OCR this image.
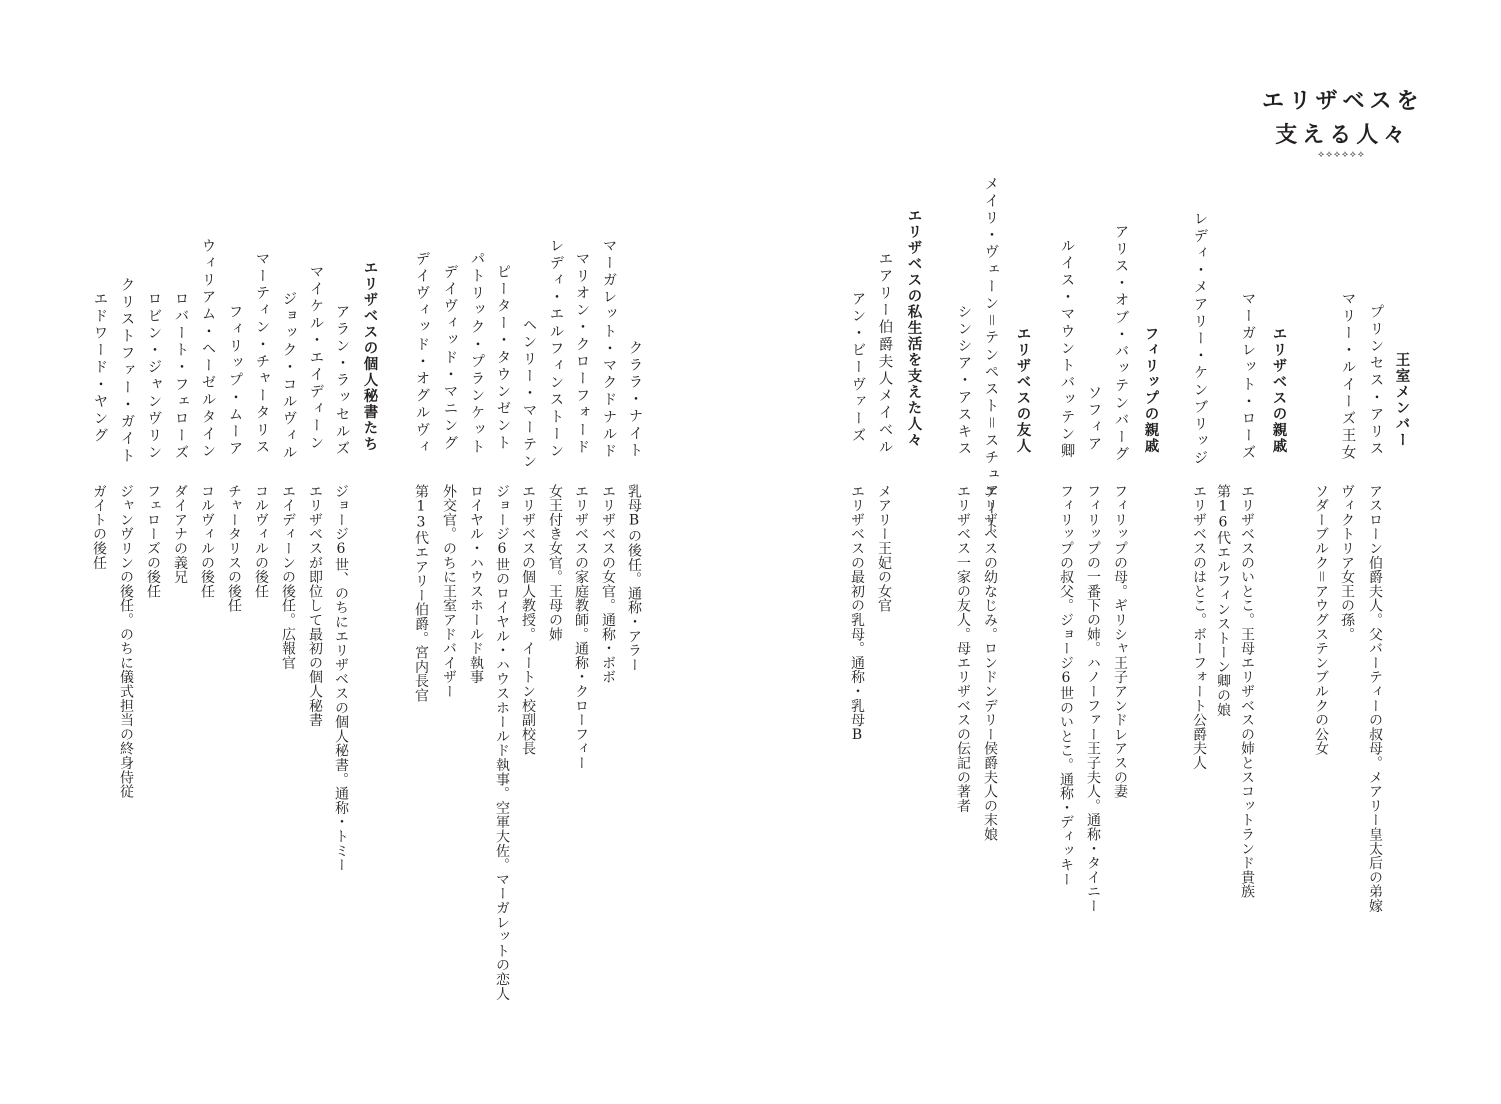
エリザベスを
支える人々
⟡⟡⟡⟡⟡⟡
王室メンバー
エリザベスの親戚
フィリップの親戚
エリザベスの友人
エリザベスの私生活を支えた人々
エリザベスの個人秘書たち	プリンセス・アリス
マリー・ルイーズ王女
マーガレット・ローズ
レディ・メアリー・ケンブリッジ
アリス・オブ・バッテンバーグ
ソフィア
ルイス・マウントバッテン卿
メイリ・ヴェーン＝テンペスト＝スチュアート
シンシア・アスキス
エアリー伯爵夫人メイベル
アン・ビーヴァーズ
クララ・ナイト
マーガレット・マクドナルド
マリオン・クローフォード
レディ・エルフィンストーン
ヘンリー・マーテン
ピーター・タウンゼント
パトリック・プランケット
デイヴィッド・マニング
デイヴィッド・オグルヴィ
アラン・ラッセルズ
マイケル・エイディーン
ジョック・コルヴィル
マーティン・チャータリス
フィリップ・ムーア
ウィリアム・ヘーゼルタイン
ロバート・フェローズ
ロビン・ジャンヴリン
クリストファー・ガイト
エドワード・ヤング
アスローン伯爵夫人。父バーティーの叔母。メアリー皇太后の弟嫁
ヴィクトリア女王の孫。
ソダーブルク＝アウグステンブルクの公女
エリザベスのいとこ。王母エリザベスの姉とスコットランド貴族
第16代エルフィンストーン卿の娘
エリザベスのはとこ。ボーフォート公爵夫人
フィリップの母。ギリシャ王子アンドレアスの妻
フィリップの一番下の姉。ハノーファー王子夫人。通称・タイニー
フィリップの叔父。ジョージ6世のいとこ。通称・ディッキー
エリザベスの幼なじみ。ロンドンデリー侯爵夫人の末娘
エリザベス一家の友人。母エリザベスの伝記の著者
メアリー王妃の女官
エリザベスの最初の乳母。通称・乳母B
乳母Bの後任。通称・アラー
エリザベスの女官。通称・ボボ
エリザベスの家庭教師。通称・クローフィー
女王付き女官。王母の姉
エリザベスの個人教授。イートン校副校長
ジョージ6世のロイヤル・ハウスホールド執事。空軍大佐。マーガレットの恋人
ロイヤル・ハウスホールド執事
外交官。のちに王室アドバイザー
第13代エアリー伯爵。宮内長官
ジョージ6世、のちにエリザベスの個人秘書。通称・トミー
エリザベスが即位して最初の個人秘書
エイディーンの後任。広報官
コルヴィルの後任
チャータリスの後任
コルヴィルの後任
ダイアナの義兄
フェローズの後任
ジャンヴリンの後任。のちに儀式担当の終身侍従
ガイトの後任
